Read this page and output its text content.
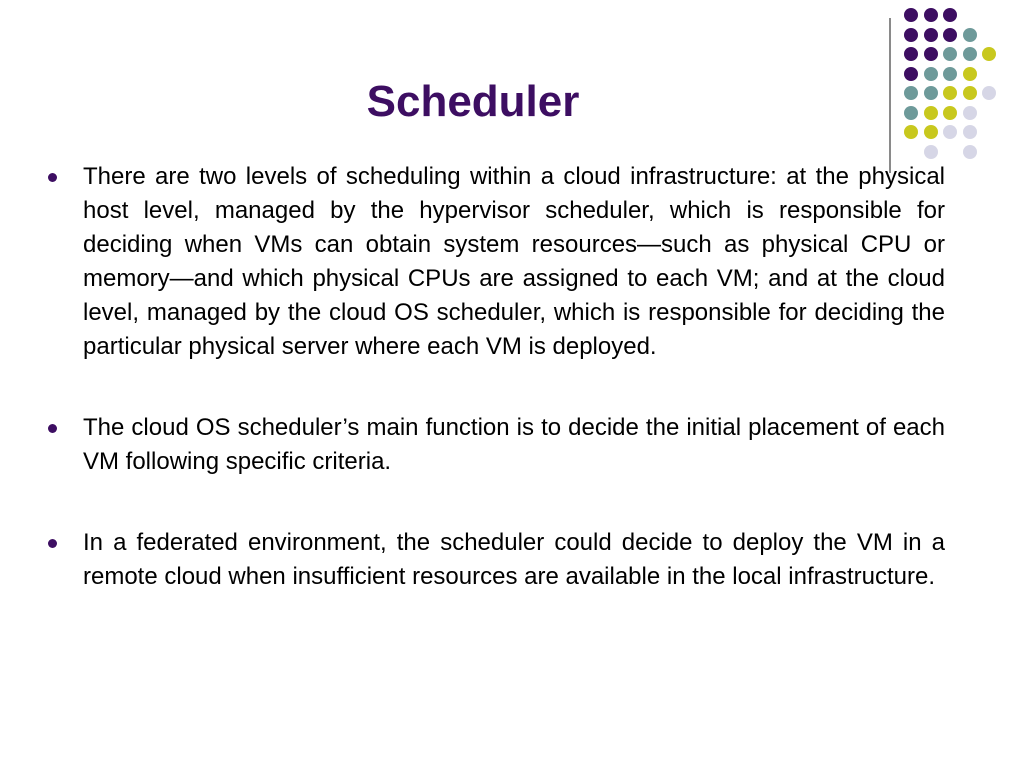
Scheduler
There are two levels of scheduling within a cloud infrastructure: at the physical host level, managed by the hypervisor scheduler, which is responsible for deciding when VMs can obtain system resources—such as physical CPU or memory—and which physical CPUs are assigned to each VM; and at the cloud level, managed by the cloud OS scheduler, which is responsible for deciding the particular physical server where each VM is deployed.
The cloud OS scheduler’s main function is to decide the initial placement of each VM following specific criteria.
In a federated environment, the scheduler could decide to deploy the VM in a remote cloud when insufficient resources are available in the local infrastructure.
